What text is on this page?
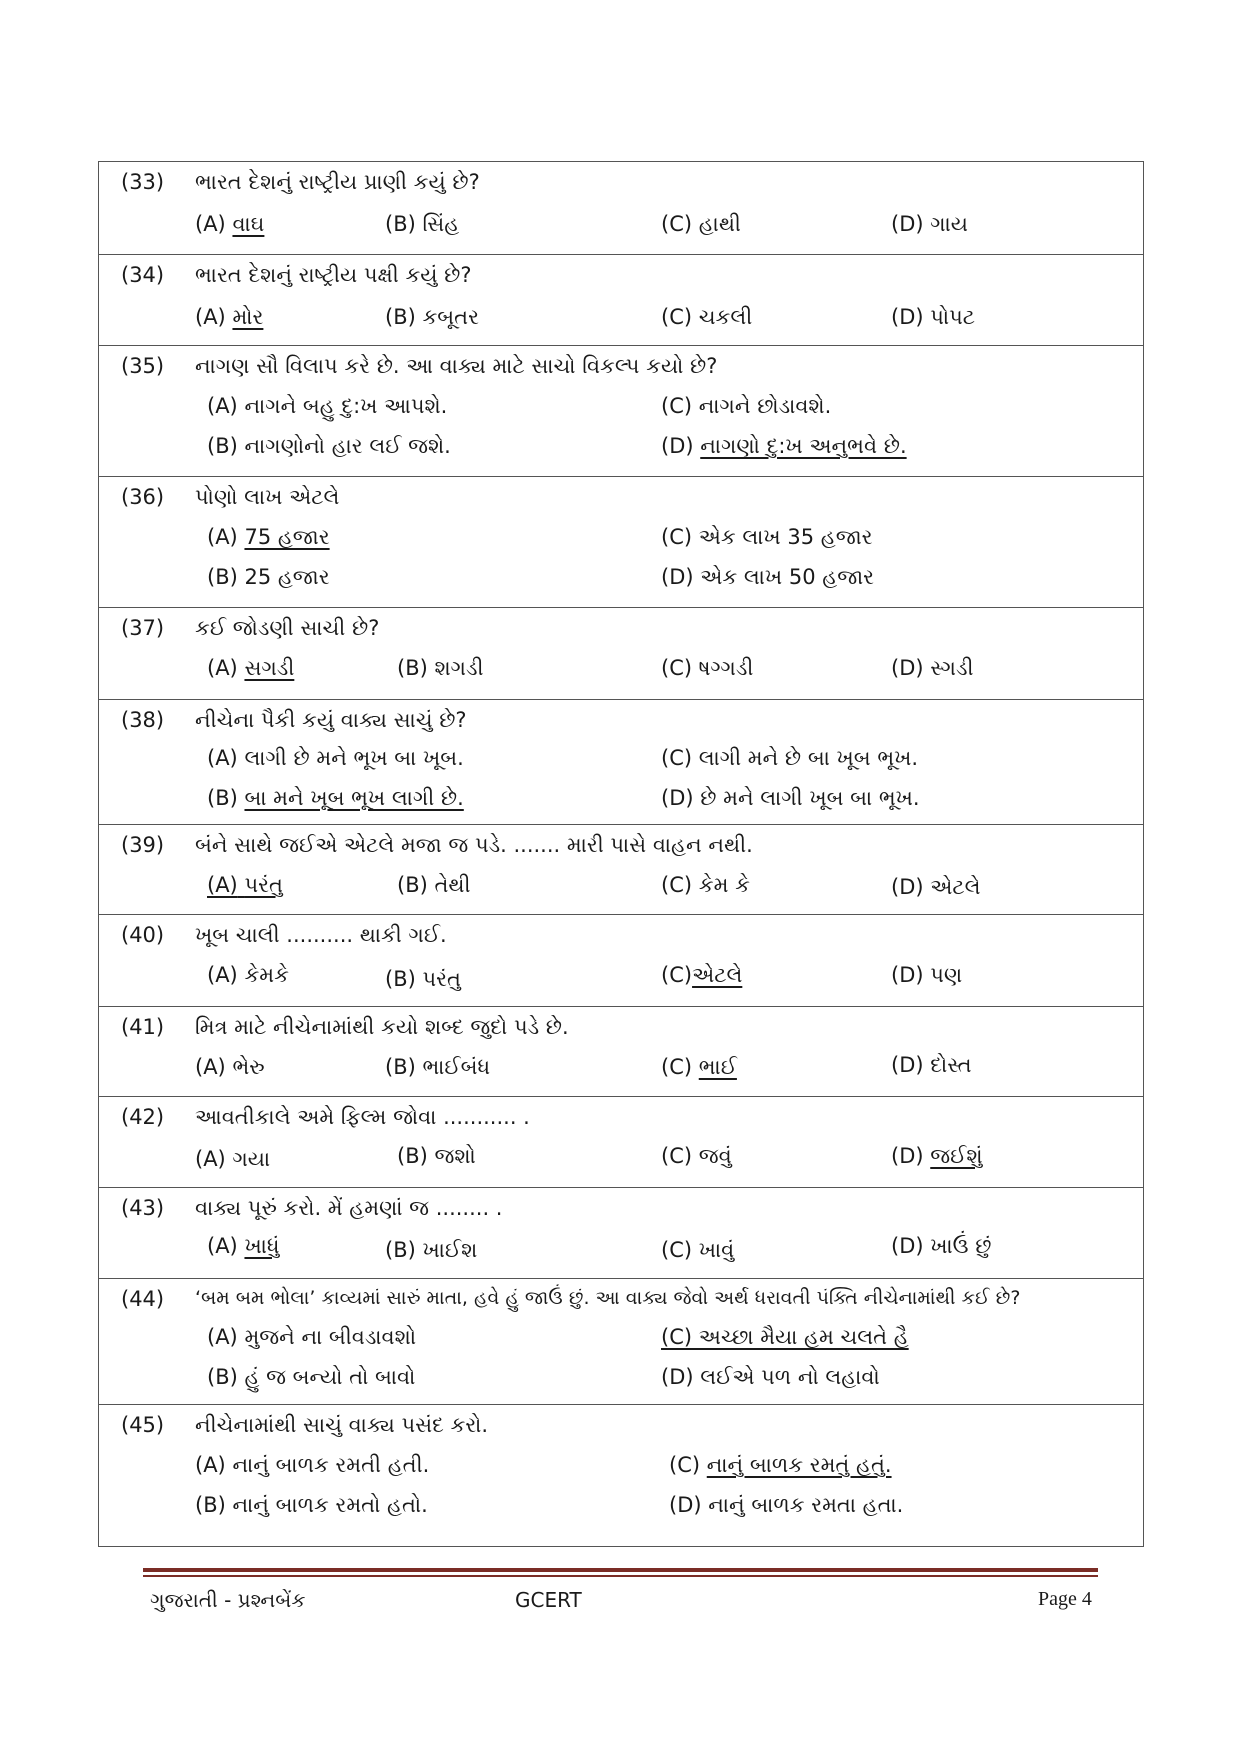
(33) ભારત દેશનું રાષ્ટ્રીય પ્રાણી કયું છે?
(A) વાઘ	(B) સિંહ	(C) હાથી	(D) ગાય
(34) ભારત દેશનું રાષ્ટ્રીય પક્ષી કયું છે?
(A) મોર	(B) કબૂતર	(C) ચકલી	(D) પોપટ
(35) નાગણ સૌ વિલાપ કરે છે. આ વાક્ય માટે સાચો વિકલ્પ કયો છે?
(A) નાગને બહુ દુ:ખ આપશે.	(C) નાગને છોડાવશે.
(B) નાગણોનો હાર લઈ જશે.	(D) નાગણો દુ:ખ અનુભવે છે.
(36) પોણો લાખ એટલે
(A) 75 હજાર	(C) એક લાખ 35 હજાર
(B) 25 હજાર	(D) એક લાખ 50 હજાર
(37) કઈ જોડણી સાચી છે?
(A) સગડી	(B) શગડી	(C) ષગ્ગડી	(D) સ્ગડી
(38) નીચેના પૈકી કયું વાક્ય સાચું છે?
(A) લાગી છે મને ભૂખ બા ખૂબ.	(C) લાગી મને છે બા ખૂબ ભૂખ.
(B) બા મને ખૂબ ભૂખ લાગી છે.	(D) છે મને લાગી ખૂબ બા ભૂખ.
(39) બંને સાથે જઈએ એટલે મજા જ પડે. ....... મારી પાસે વાહન નથી.
(A) પરંતુ	(B) તેથી	(C) કેમ કે	(D) એટલે
(40) ખૂબ ચાલી .......... થાકી ગઈ.
(A) કેમકે	(B) પરંતુ	(C)એટલે	(D) પણ
(41) મિત્ર માટે નીચેનામાંથી કયો શબ્દ જુદો પડે છે.
(A) ભેરુ	(B) ભાઈબંધ	(C) ભાઈ	(D) દોસ્ત
(42) આવતીકાલે અમે ફિલ્મ જોવા ........... .
(A) ગયા	(B) જશો	(C) જવું	(D) જઈશું
(43) વાક્ય પૂરું કરો. મેં હમણાં જ ........ .
(A) ખાધું	(B) ખાઈશ	(C) ખાવું	(D) ખાઉં છું
(44) ‘બમ બમ ભોલા’ કાવ્યમાં સારું માતા, હવે હું જાઉં છું. આ વાક્ય જેવો અર્થ ધરાવતી પંક્તિ નીચેનામાંથી કઈ છે?
(A) મુજને ના બીવડાવશો	(C) અચ્છા મૈયા હમ ચલતે હૈ
(B) હું જ બન્યો તો બાવો	(D) લઈએ પળ નો લહાવો
(45) નીચેનામાંથી સાચું વાક્ય પસંદ કરો.
(A) નાનું બાળક રમતી હતી.	(C) નાનું બાળક રમતું હતું.
(B) નાનું બાળક રમતો હતો.	(D) નાનું બાળક રમતા હતા.
ગુજરાતી - પ્રશ્નબેંક	GCERT	Page 4
